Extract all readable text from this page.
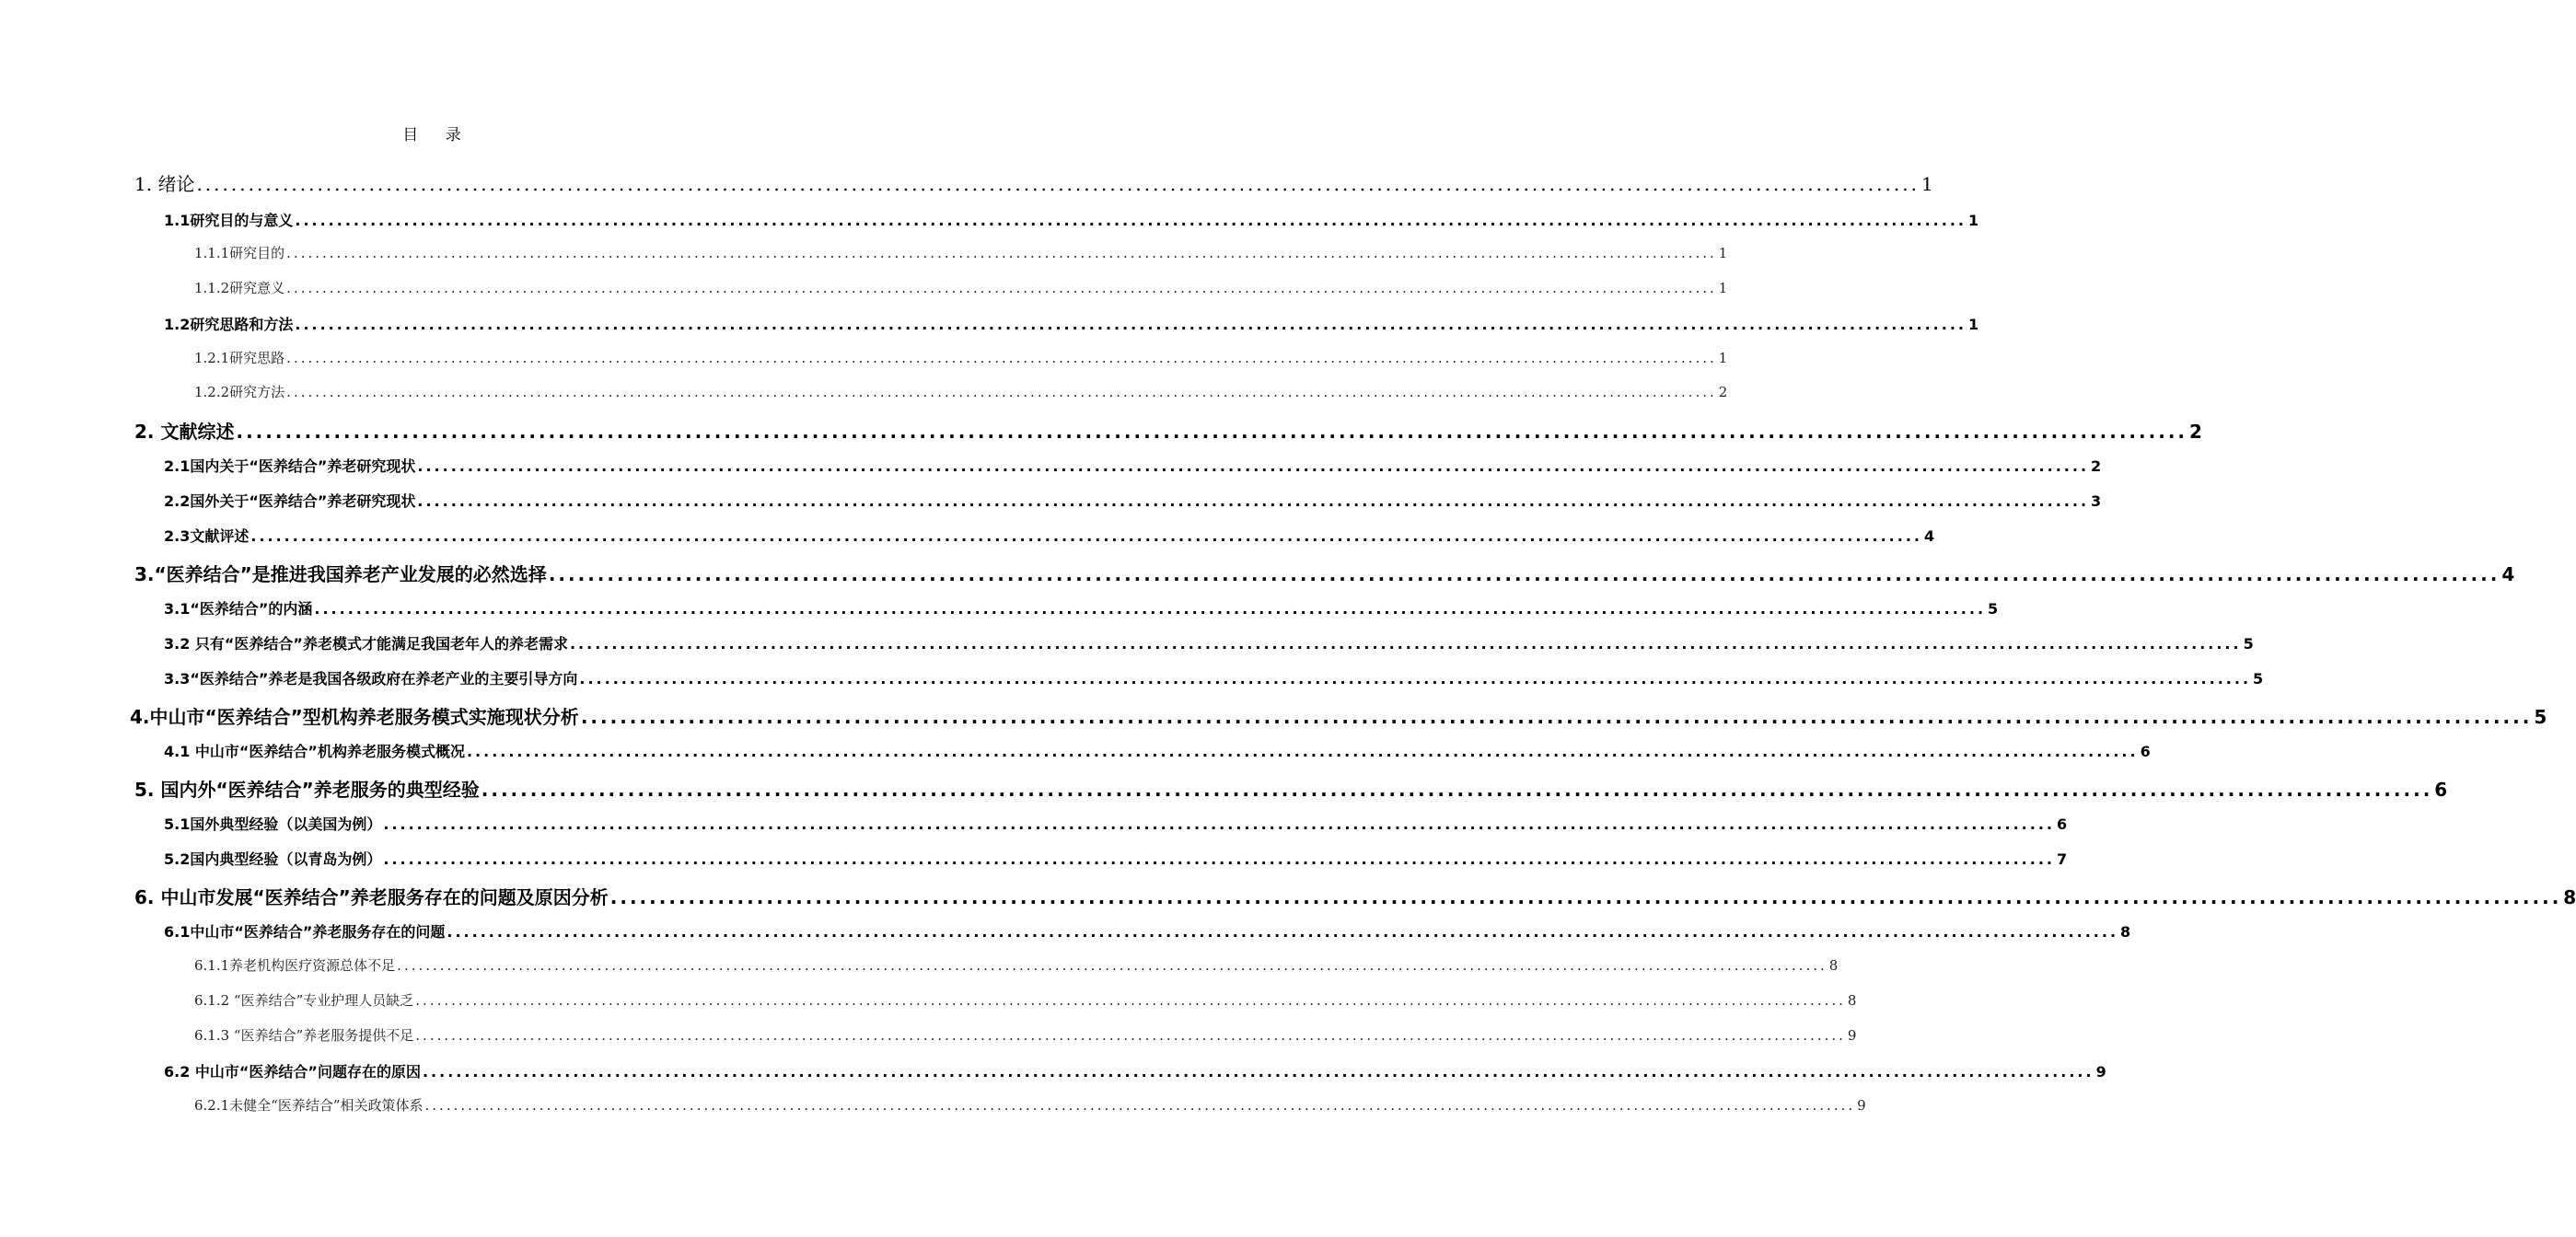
目 录
1. 绪论 ........................................................................................................................................................................................................ 1
1.1研究目的与意义 ........................................................................................................................................................................................................ 1
1.1.1研究目的 ........................................................................................................................................................................................................ 1
1.1.2研究意义 ........................................................................................................................................................................................................ 1
1.2研究思路和方法 ........................................................................................................................................................................................................ 1
1.2.1研究思路 ........................................................................................................................................................................................................ 1
1.2.2研究方法 ........................................................................................................................................................................................................ 2
2. 文献综述 ........................................................................................................................................................................................................ 2
2.1国内关于“医养结合”养老研究现状 ........................................................................................................................................................................................................ 2
2.2国外关于“医养结合”养老研究现状 ........................................................................................................................................................................................................ 3
2.3文献评述 ........................................................................................................................................................................................................ 4
3.“医养结合”是推进我国养老产业发展的必然选择 ........................................................................................................................................................................................................ 4
3.1“医养结合”的内涵 ........................................................................................................................................................................................................ 5
3.2 只有“医养结合”养老模式才能满足我国老年人的养老需求 ........................................................................................................................................................................................................ 5
3.3“医养结合”养老是我国各级政府在养老产业的主要引导方向 ........................................................................................................................................................................................................ 5
4.中山市“医养结合”型机构养老服务模式实施现状分析 ........................................................................................................................................................................................................ 5
4.1 中山市“医养结合”机构养老服务模式概况 ........................................................................................................................................................................................................ 6
5. 国内外“医养结合”养老服务的典型经验 ........................................................................................................................................................................................................ 6
5.1国外典型经验（以美国为例） ........................................................................................................................................................................................................ 6
5.2国内典型经验（以青岛为例） ........................................................................................................................................................................................................ 7
6. 中山市发展“医养结合”养老服务存在的问题及原因分析 ........................................................................................................................................................................................................ 8
6.1中山市“医养结合”养老服务存在的问题 ........................................................................................................................................................................................................ 8
6.1.1养老机构医疗资源总体不足 ........................................................................................................................................................................................................ 8
6.1.2 “医养结合”专业护理人员缺乏 ........................................................................................................................................................................................................ 8
6.1.3 “医养结合”养老服务提供不足 ........................................................................................................................................................................................................ 9
6.2 中山市“医养结合”问题存在的原因 ........................................................................................................................................................................................................ 9
6.2.1未健全“医养结合”相关政策体系 ........................................................................................................................................................................................................ 9
